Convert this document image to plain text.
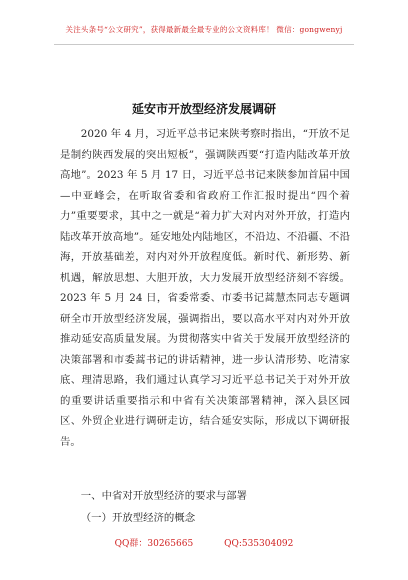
关注头条号“公文研究”，获得最新最全最专业的公文资料库！ 微信：gongwenyj
延安市开放型经济发展调研

2020 年 4 月，习近平总书记来陕考察时指出，“开放不足是制约陕西发展的突出短板”，强调陕西要“打造内陆改革开放高地”。2023 年 5 月 17 日，习近平总书记来陕参加首届中国—中亚峰会，在听取省委和省政府工作汇报时提出“四个着力”重要要求，其中之一就是“着力扩大对内对外开放，打造内陆改革开放高地”。延安地处内陆地区，不沿边、不沿疆、不沿海，开放基础差，对内对外开放程度低。新时代、新形势、新机遇，解放思想、大胆开放，大力发展开放型经济刻不容缓。2023 年 5 月 24 日，省委常委、市委书记蒿慧杰同志专题调研全市开放型经济发展，强调指出，要以高水平对内对外开放推动延安高质量发展。为贯彻落实中省关于发展开放型经济的决策部署和市委蒿书记的讲话精神，进一步认清形势、吃清家底、理清思路，我们通过认真学习习近平总书记关于对外开放的重要讲话重要指示和中省有关决策部署精神，深入县区园区、外贸企业进行调研走访，结合延安实际，形成以下调研报告。

一、中省对开放型经济的要求与部署

（一）开放型经济的概念

QQ群：30265665	QQ:535304092
